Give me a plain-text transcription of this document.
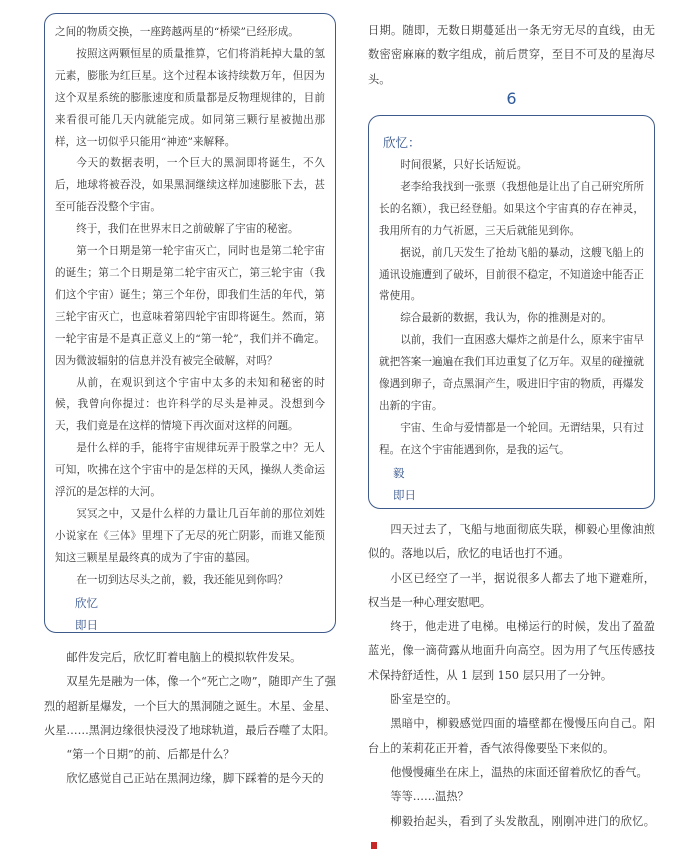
之间的物质交换，一座跨越两星的“桥梁”已经形成。

按照这两颗恒星的质量推算，它们将消耗掉大量的氢元素，膨胀为红巨星。这个过程本该持续数万年，但因为这个双星系统的膨胀速度和质量都是反物理规律的，目前来看很可能几天内就能完成。如同第三颗行星被抛出那样，这一切似乎只能用“神迹”来解释。

今天的数据表明，一个巨大的黑洞即将诞生，不久后，地球将被吞没，如果黑洞继续这样加速膨胀下去，甚至可能吞没整个宇宙。

终于，我们在世界末日之前破解了宇宙的秘密。

第一个日期是第一轮宇宙灭亡，同时也是第二轮宇宙的诞生；第二个日期是第二轮宇宙灭亡，第三轮宇宙（我们这个宇宙）诞生；第三个年份，即我们生活的年代，第三轮宇宙灭亡，也意味着第四轮宇宙即将诞生。然而，第一轮宇宙是不是真正意义上的“第一轮”，我们并不确定。因为微波辐射的信息并没有被完全破解，对吗？

从前，在观识到这个宇宙中太多的未知和秘密的时候，我曾向你提过：也许科学的尽头是神灵。没想到今天，我们竟是在这样的情境下再次面对这样的问题。

是什么样的手，能将宇宙规律玩弄于股掌之中？无人可知，吹拂在这个宇宙中的是怎样的天风，操纵人类命运浮沉的是怎样的大河。

冥冥之中，又是什么样的力量让几百年前的那位刘姓小说家在《三体》里埋下了无尽的死亡阴影，而谁又能预知这三颗星星最终真的成为了宇宙的墓园。

在一切到达尽头之前，毅，我还能见到你吗？

欣忆
即日

邮件发完后，欣忆盯着电脑上的模拟软件发呆。

双星先是融为一体，像一个“死亡之吻”，随即产生了强烈的超新星爆发，一个巨大的黑洞随之诞生。木星、金星、火星……黑洞边缘很快浸没了地球轨道，最后吞噬了太阳。

“第一个日期”的前、后都是什么？

欣忆感觉自己正站在黑洞边缘，脚下踩着的是今天的

日期。随即，无数日期蔓延出一条无穷无尽的直线，由无数密密麻麻的数字组成，前后贯穿，至目不可及的星海尽头。

6
欣忆：

时间很紧，只好长话短说。

老李给我找到一张票（我想他是让出了自己研究所所长的名额），我已经登船。如果这个宇宙真的存在神灵，我用所有的力气祈愿，三天后就能见到你。

据说，前几天发生了抢劫飞船的暴动，这艘飞船上的通讯设施遭到了破坏，目前很不稳定，不知道途中能否正常使用。

综合最新的数据，我认为，你的推测是对的。

以前，我们一直困惑大爆炸之前是什么，原来宇宙早就把答案一遍遍在我们耳边重复了亿万年。双星的碰撞就像遇到卵子，奇点黑洞产生，吸进旧宇宙的物质，再爆发出新的宇宙。

宇宙、生命与爱情都是一个轮回。无谓结果，只有过程。在这个宇宙能遇到你，是我的运气。

毅
即日

四天过去了，飞船与地面彻底失联，柳毅心里像油煎似的。落地以后，欣忆的电话也打不通。

小区已经空了一半，据说很多人都去了地下避难所，权当是一种心理安慰吧。

终于，他走进了电梯。电梯运行的时候，发出了盈盈蓝光，像一滴荷露从地面升向高空。因为用了气压传感技术保持舒适性，从 1 层到 150 层只用了一分钟。

卧室是空的。

黑暗中，柳毅感觉四面的墙壁都在慢慢压向自己。阳台上的茉莉花正开着，香气浓得像要坠下来似的。

他慢慢瘫坐在床上，温热的床面还留着欣忆的香气。

等等……温热？

柳毅抬起头，看到了头发散乱，刚刚冲进门的欣忆。
